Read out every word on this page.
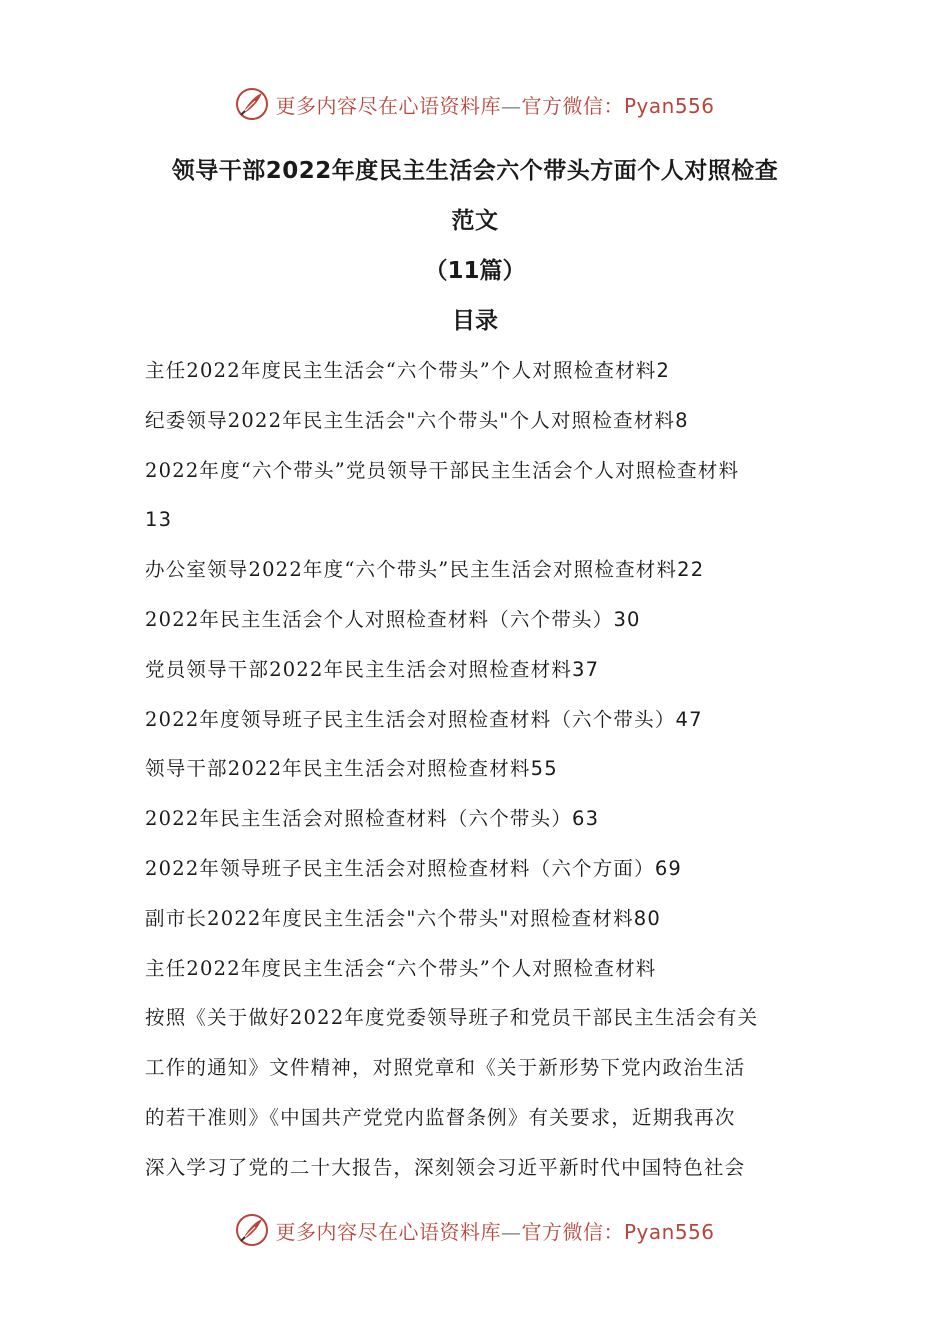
更多内容尽在心语资料库—官方微信：Pyan556
领导干部2022年度民主生活会六个带头方面个人对照检查
范文
（11篇）
目录
主任2022年度民主生活会“六个带头”个人对照检查材料2
纪委领导2022年民主生活会"六个带头"个人对照检查材料8
2022年度“六个带头”党员领导干部民主生活会个人对照检查材料
13
办公室领导2022年度“六个带头”民主生活会对照检查材料22
2022年民主生活会个人对照检查材料（六个带头）30
党员领导干部2022年民主生活会对照检查材料37
2022年度领导班子民主生活会对照检查材料（六个带头）47
领导干部2022年民主生活会对照检查材料55
2022年民主生活会对照检查材料（六个带头）63
2022年领导班子民主生活会对照检查材料（六个方面）69
副市长2022年度民主生活会"六个带头"对照检查材料80
主任2022年度民主生活会“六个带头”个人对照检查材料

按照《关于做好2022年度党委领导班子和党员干部民主生活会有关
工作的通知》文件精神，对照党章和《关于新形势下党内政治生活
的若干准则》《中国共产党党内监督条例》有关要求，近期我再次
深入学习了党的二十大报告，深刻领会习近平新时代中国特色社会

更多内容尽在心语资料库—官方微信：Pyan556
